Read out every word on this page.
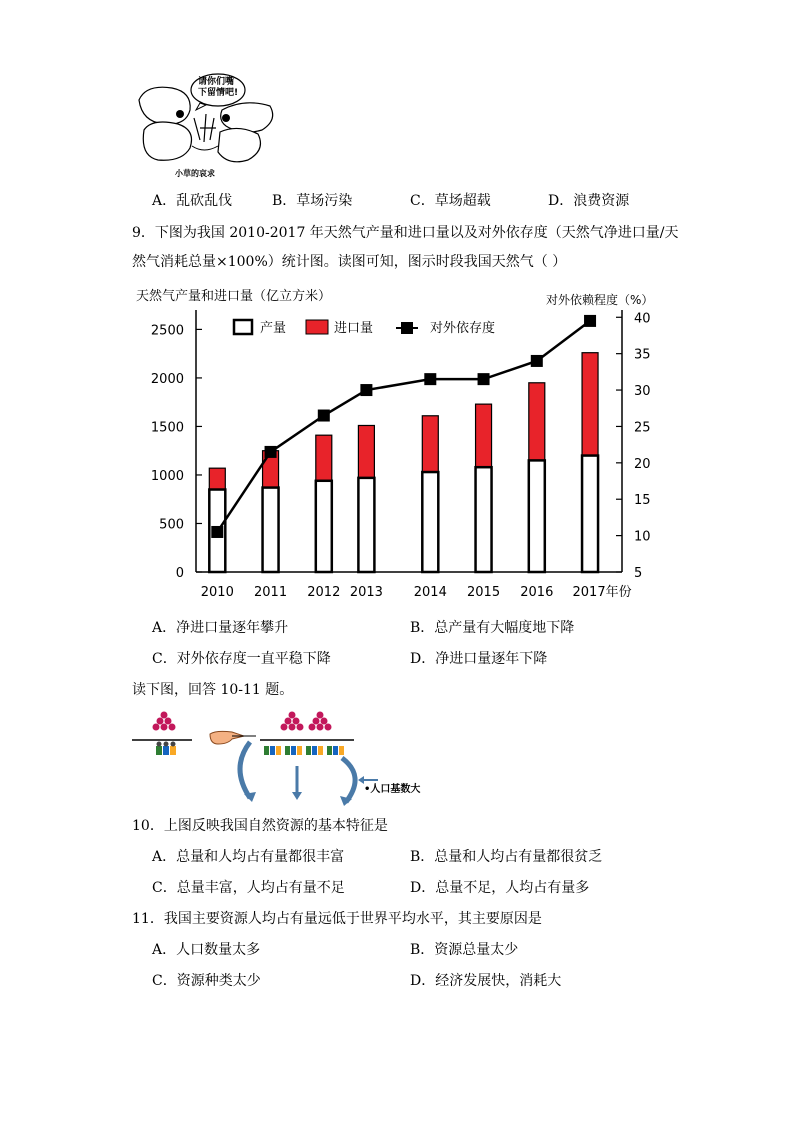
请你们嘴
下留情吧!
小草的哀求
A．乱砍乱伐	B．草场污染	C．草场超载	D．浪费资源
9．下图为我国 2010-2017 年天然气产量和进口量以及对外依存度（天然气净进口量/天
然气消耗总量×100%）统计图。读图可知，图示时段我国天然气（ ）
天然气产量和进口量（亿立方米）	对外依赖程度（%）
0
500
1000
1500
2000
2500
5
10
15
20
25
30
35
40
2010 2011 2012 2013 2014 2015 2016 2017年份
产量	进口量	对外依存度
A．净进口量逐年攀升	B．总产量有大幅度地下降
C．对外依存度一直平稳下降	D．净进口量逐年下降
读下图，回答 10-11 题。
•人口基数大
10．上图反映我国自然资源的基本特征是
A．总量和人均占有量都很丰富	B．总量和人均占有量都很贫乏
C．总量丰富，人均占有量不足	D．总量不足，人均占有量多
11．我国主要资源人均占有量远低于世界平均水平，其主要原因是
A．人口数量太多	B．资源总量太少
C．资源种类太少	D．经济发展快，消耗大
